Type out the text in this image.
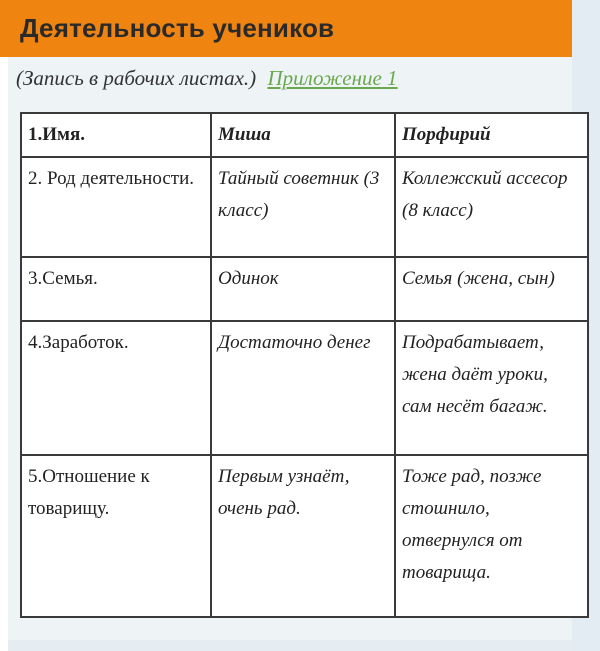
Деятельность учеников
(Запись в рабочих листах.) Приложение 1
1.Имя.	Миша	Порфирий
2. Род деятельности.	Тайный советник (3 класс)	Коллежский ассесор (8 класс)
3.Семья.	Одинок	Семья (жена, сын)
4.Заработок.	Достаточно денег	Подрабатывает, жена даёт уроки, сам несёт багаж.
5.Отношение к товарищу.	Первым узнаёт, очень рад.	Тоже рад, позже стошнило, отвернулся от товарища.
